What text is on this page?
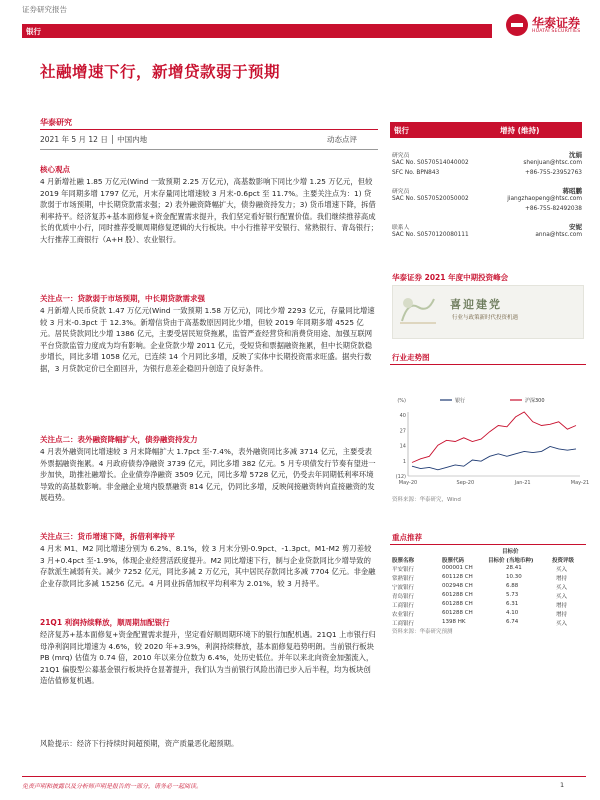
证券研究报告
华泰证券
HUATAI SECURITIES
银行
社融增速下行，新增贷款弱于预期
华泰研究
2021 年 5 月 12 日 │ 中国内地	动态点评
银行	增持 (维持)
研究员	沈娟
SAC No. S0570514040002	shenjuan@htsc.com
SFC No. BPN843	+86-755-23952763
研究员	蒋昭鹏
SAC No. S0570520050002	jiangzhaopeng@htsc.com
+86-755-82492038
联系人	安妮
SAC No. S0570120080111	anna@htsc.com
华泰证券 2021 年度中期投资峰会
喜迎建党
行业与政策新时代投资机遇
行业走势图
(%)
40
27
14
1
(12)
May-20	Sep-20	Jan-21	May-21
银行	沪深300
资料来源：华泰研究，Wind
重点推荐
目标价
股票名称	股票代码	目标价 (当地币种)	投资评级
平安银行	000001 CH	28.41	买入
常熟银行	601128 CH	10.30	增持
宁波银行	002948 CH	6.88	买入
青岛银行	601288 CH	5.73	买入
工商银行	601288 CH	6.31	增持
农业银行	601288 CH	4.10	增持
工商银行	1398 HK	6.74	买入
资料来源：华泰研究预测
核心观点
4 月新增社融 1.85 万亿元(Wind 一致预期 2.25 万亿元)，高基数影响下同比少增 1.25 万亿元，但较 2019 年同期多增 1797 亿元，月末存量同比增速较 3 月末-0.6pct 至 11.7%。主要关注点为：1) 贷款弱于市场预期，中长期贷款需求强；2) 表外融资降幅扩大，债券融资持发力；3) 货币增速下降，拆借利率持平。经济复苏+基本面修复+资金配置需求提升，我们坚定看好银行配置价值。我们继续推荐高成长的优质中小行，同时推荐受顺周期修复逻辑的大行板块。中小行推荐平安银行、常熟银行、青岛银行；大行推荐工商银行（A+H 股）、农业银行。
关注点一：贷款弱于市场预期，中长期贷款需求强
4 月新增人民币贷款 1.47 万亿元(Wind 一致预期 1.58 万亿元)，同比少增 2293 亿元，存量同比增速较 3 月末-0.3pct 于 12.3%。新增信贷由于高基数原因同比少增，但较 2019 年同期多增 4525 亿元。居民贷款同比少增 1386 亿元，主要受居民短贷拖累，监管严查经营贷和消费贷用途、加强互联网平台贷款监管力度成为均有影响。企业贷款少增 2011 亿元，受短贷和票据融资拖累，但中长期贷款稳步增长，同比多增 1058 亿元，已连续 14 个月同比多增，反映了实体中长期投资需求旺盛。据央行数据，3 月贷款定价已全面回升，为银行息差企稳回升创造了良好条件。
关注点二：表外融资降幅扩大，债券融资持发力
4 月表外融资同比增速较 3 月末降幅扩大 1.7pct 至-7.4%，表外融资同比多减 3714 亿元，主要受表外票据融资拖累。4 月政府债券净融资 3739 亿元，同比多增 382 亿元。5 月专项债发行节奏有望进一步加快，助推社融增长。企业债券净融资 3509 亿元，同比多增 5728 亿元，仍受去年同期低利率环境导致的高基数影响。非金融企业境内股票融资 814 亿元，仍同比多增，反映间接融资转向直接融资的发展趋势。
关注点三：货币增速下降，拆借利率持平
4 月末 M1、M2 同比增速分别为 6.2%、8.1%，较 3 月末分别-0.9pct、-1.3pct。M1-M2 剪刀差较 3 月+0.4pct 至-1.9%，体现企业经营活跃度提升。M2 同比增速下行，制与企业贷款同比少增导致的存款派生减弱有关。减少 7252 亿元，同比多减 2 万亿元，其中居民存款同比多减 7704 亿元。非金融企业存款同比多减 15256 亿元。4 月同业拆借加权平均利率为 2.01%，较 3 月持平。
21Q1 利润持续释放，顺周期加配银行
经济复苏+基本面修复+资金配置需求提升，坚定看好顺周期环境下的银行加配机遇。21Q1 上市银行归母净利润同比增速为 4.6%，较 2020 年+3.9%，利润持续释放，基本面修复趋势明朗。当前银行板块 PB (mrq) 估值为 0.74 倍，2010 年以来分位数为 6.4%，处历史低位。并年以来北向资金加强流入，21Q1 偏股型公募基金银行板块持仓显著提升，我们认为当前银行风险出清已步入后半程，均为板块创造估值修复机遇。
风险提示：经济下行持续时间超预期，资产质量恶化超预期。
免责声明和披露以及分析师声明是报告的一部分，请务必一起阅读。	1
